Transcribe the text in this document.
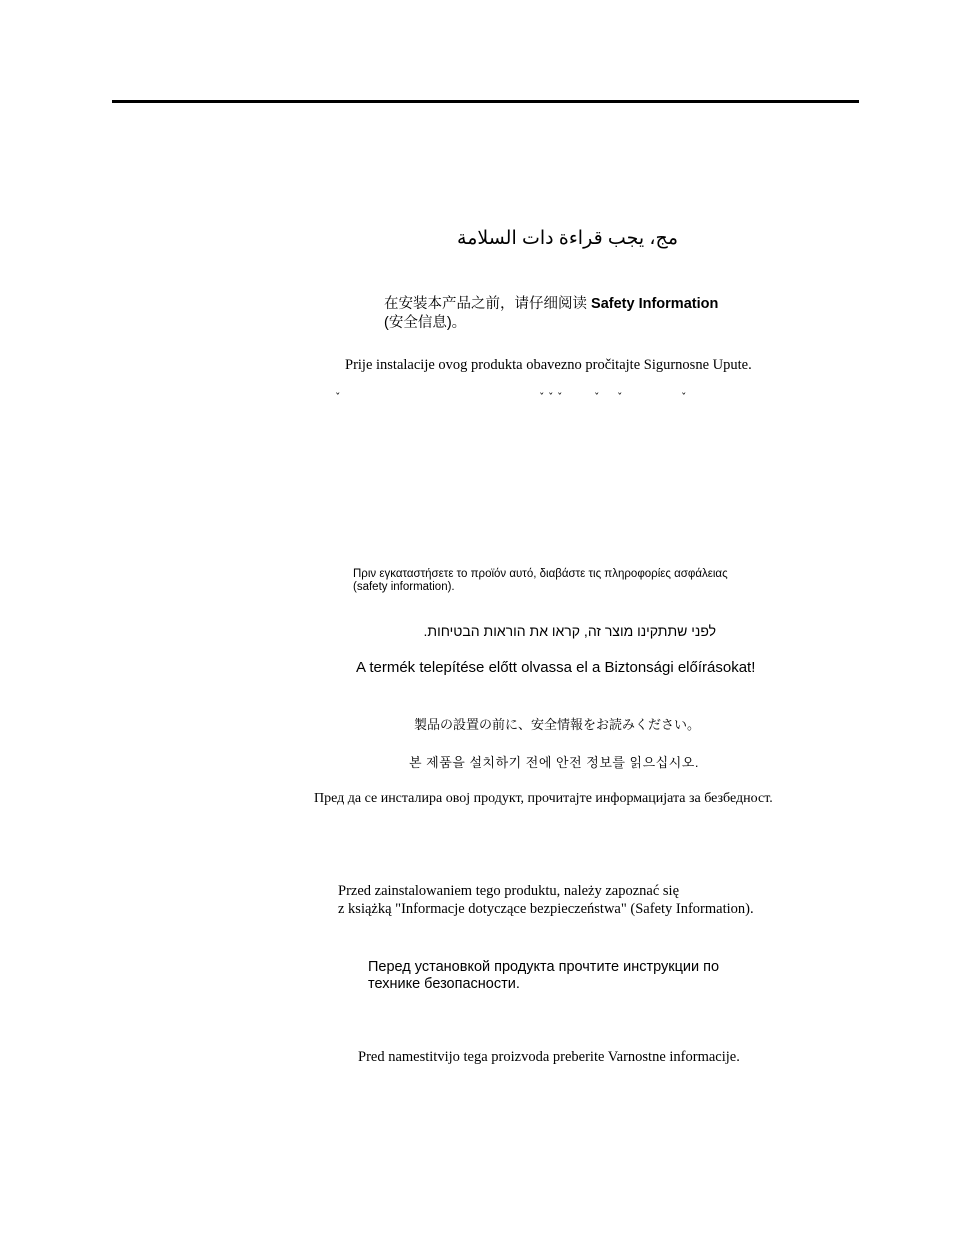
مج، يجب قراءة دات السلامة

在安装本产品之前，请仔细阅读 Safety Information

(安全信息)。

Prije instalacije ovog produkta obavezno pročitajte Sigurnosne Upute.

ˇ	ˇ ˇ ˇ	ˇ ˇ	ˇ

Πριν εγκαταστήσετε το προϊόν αυτό, διαβάστε τις πληροφορίες ασφάλειας

(safety information).

לפני שתתקינו מוצר זה, קראו את הוראות הבטיחות.

A termék telepítése előtt olvassa el a Biztonsági előírásokat!

製品の設置の前に、安全情報をお読みください。

본 제품을 설치하기 전에 안전 정보를 읽으십시오.

Пред да се инсталира овој продукт, прочитајте информацијата за безбедност.

Przed zainstalowaniem tego produktu, należy zapoznać się

z książką "Informacje dotyczące bezpieczeństwa" (Safety Information).

Перед установкой продукта прочтите инструкции по

технике безопасности.

Pred namestitvijo tega proizvoda preberite Varnostne informacije.
